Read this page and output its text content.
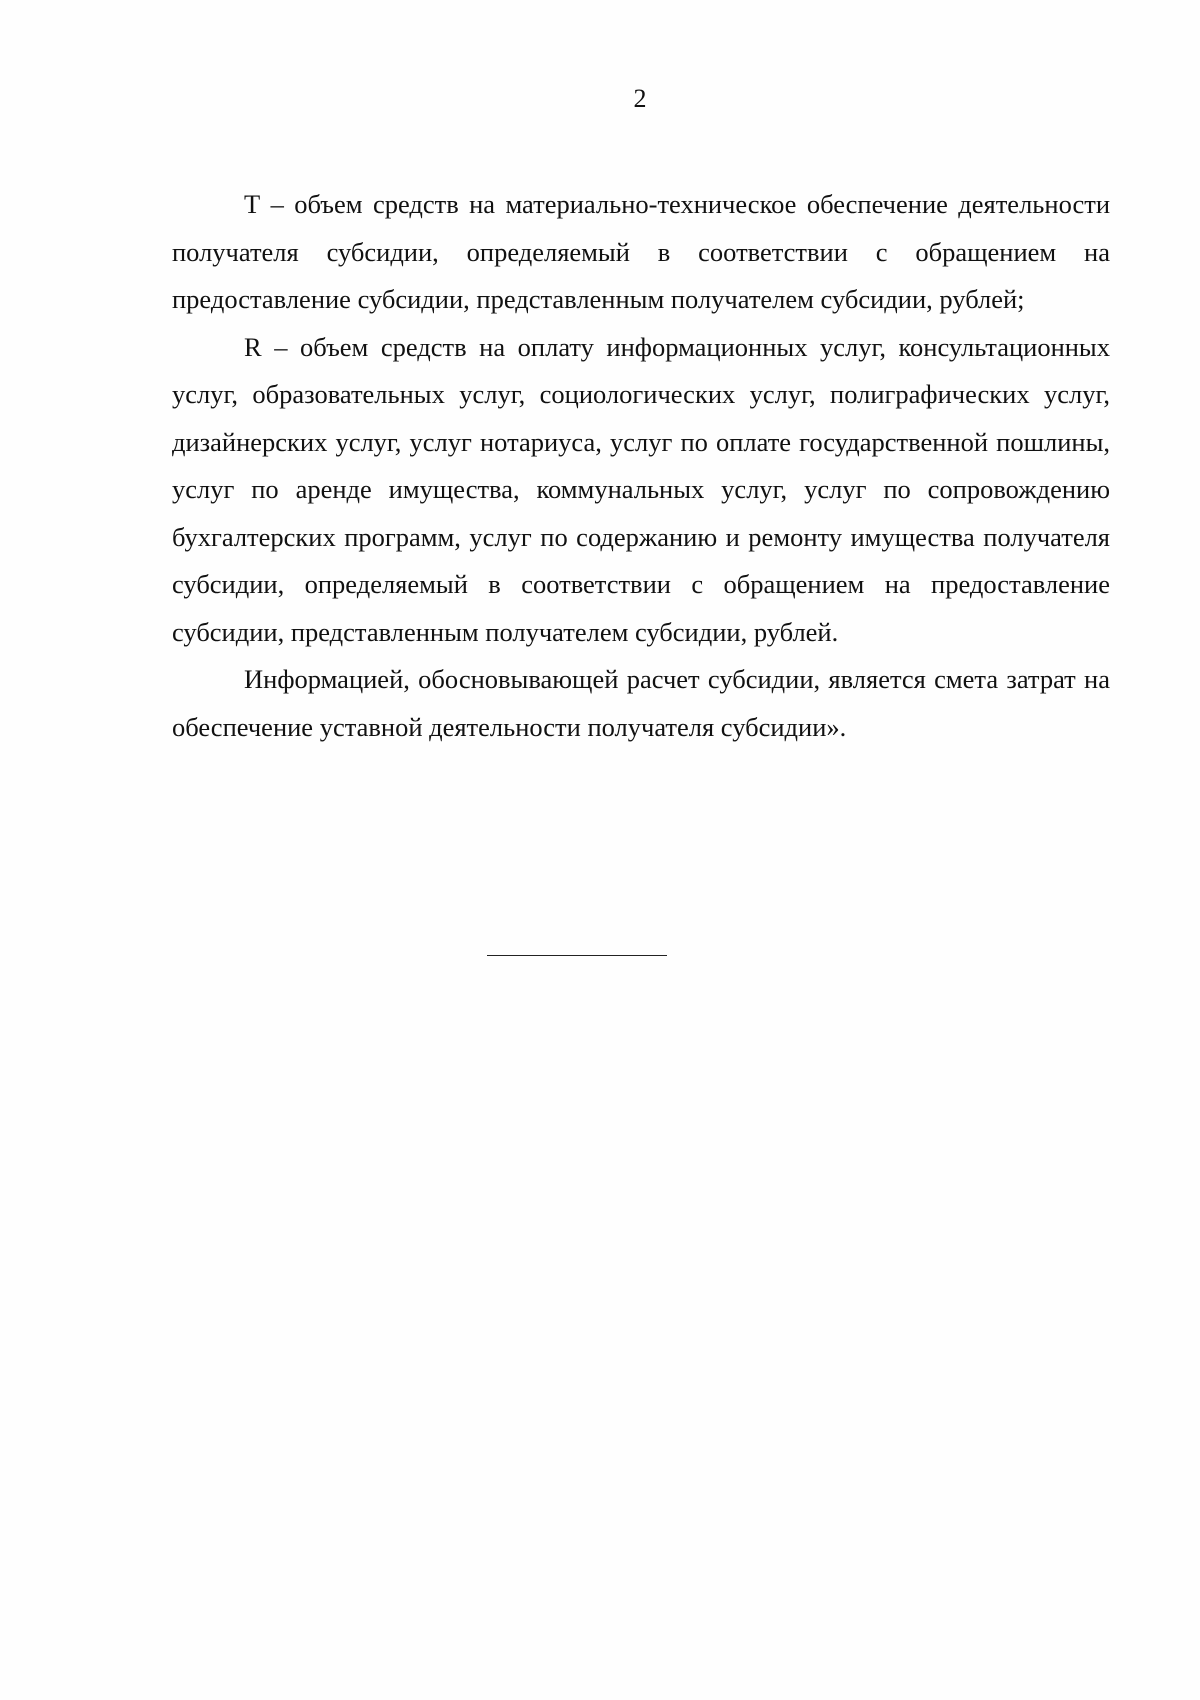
2

Т – объем средств на материально-техническое обеспечение деятельности получателя субсидии, определяемый в соответствии с обращением на предоставление субсидии, представленным получателем субсидии, рублей;

R – объем средств на оплату информационных услуг, консультационных услуг, образовательных услуг, социологических услуг, полиграфических услуг, дизайнерских услуг, услуг нотариуса, услуг по оплате государственной пошлины, услуг по аренде имущества, коммунальных услуг, услуг по сопровождению бухгалтерских программ, услуг по содержанию и ремонту имущества получателя субсидии, определяемый в соответствии с обращением на предоставление субсидии, представленным получателем субсидии, рублей.

Информацией, обосновывающей расчет субсидии, является смета затрат на обеспечение уставной деятельности получателя субсидии».
